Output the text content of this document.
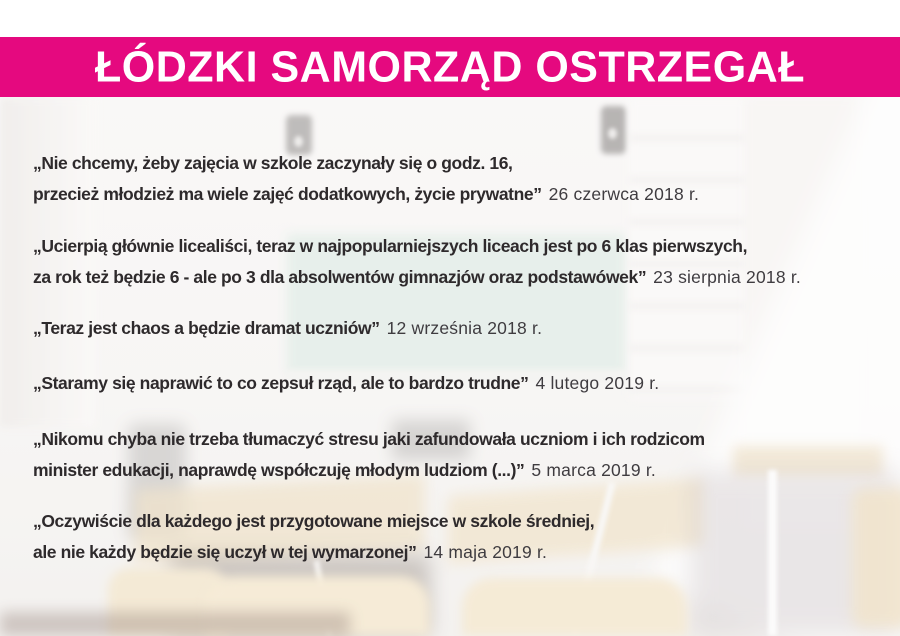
ŁÓDZKI SAMORZĄD OSTRZEGAŁ
„Nie chcemy, żeby zajęcia w szkole zaczynały się o godz. 16,
przecież młodzież ma wiele zajęć dodatkowych, życie prywatne” 26 czerwca 2018 r.
„Ucierpią głównie licealiści, teraz w najpopularniejszych liceach jest po 6 klas pierwszych,
za rok też będzie 6 - ale po 3 dla absolwentów gimnazjów oraz podstawówek” 23 sierpnia 2018 r.
„Teraz jest chaos a będzie dramat uczniów” 12 września 2018 r.
„Staramy się naprawić to co zepsuł rząd, ale to bardzo trudne” 4 lutego 2019 r.
„Nikomu chyba nie trzeba tłumaczyć stresu jaki zafundowała uczniom i ich rodzicom
minister edukacji, naprawdę współczuję młodym ludziom (...)” 5 marca 2019 r.
„Oczywiście dla każdego jest przygotowane miejsce w szkole średniej,
ale nie każdy będzie się uczył w tej wymarzonej” 14 maja 2019 r.
